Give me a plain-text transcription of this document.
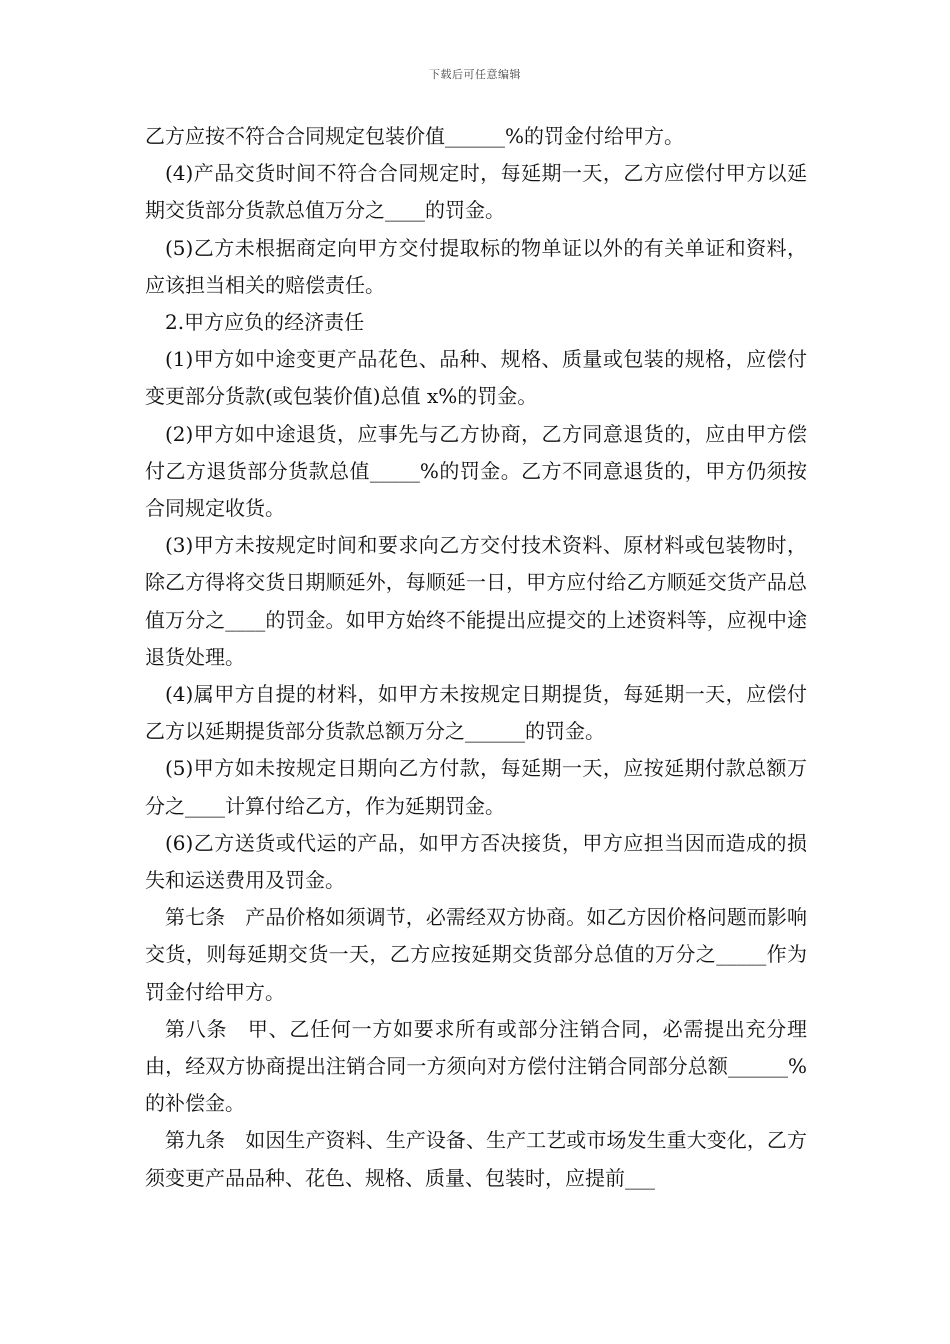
下载后可任意编辑

乙方应按不符合合同规定包装价值______%的罚金付给甲方。

(4)产品交货时间不符合合同规定时，每延期一天，乙方应偿付甲方以延期交货部分货款总值万分之____的罚金。

(5)乙方未根据商定向甲方交付提取标的物单证以外的有关单证和资料，应该担当相关的赔偿责任。

2.甲方应负的经济责任

(1)甲方如中途变更产品花色、品种、规格、质量或包装的规格，应偿付变更部分货款(或包装价值)总值 x%的罚金。

(2)甲方如中途退货，应事先与乙方协商，乙方同意退货的，应由甲方偿付乙方退货部分货款总值_____%的罚金。乙方不同意退货的，甲方仍须按合同规定收货。

(3)甲方未按规定时间和要求向乙方交付技术资料、原材料或包装物时，除乙方得将交货日期顺延外，每顺延一日，甲方应付给乙方顺延交货产品总值万分之____的罚金。如甲方始终不能提出应提交的上述资料等，应视中途退货处理。

(4)属甲方自提的材料，如甲方未按规定日期提货，每延期一天，应偿付乙方以延期提货部分货款总额万分之______的罚金。

(5)甲方如未按规定日期向乙方付款，每延期一天，应按延期付款总额万分之____计算付给乙方，作为延期罚金。

(6)乙方送货或代运的产品，如甲方否决接货，甲方应担当因而造成的损失和运送费用及罚金。

第七条　产品价格如须调节，必需经双方协商。如乙方因价格问题而影响交货，则每延期交货一天，乙方应按延期交货部分总值的万分之_____作为罚金付给甲方。

第八条　甲、乙任何一方如要求所有或部分注销合同，必需提出充分理由，经双方协商提出注销合同一方须向对方偿付注销合同部分总额______%的补偿金。

第九条　如因生产资料、生产设备、生产工艺或市场发生重大变化，乙方须变更产品品种、花色、规格、质量、包装时，应提前___
